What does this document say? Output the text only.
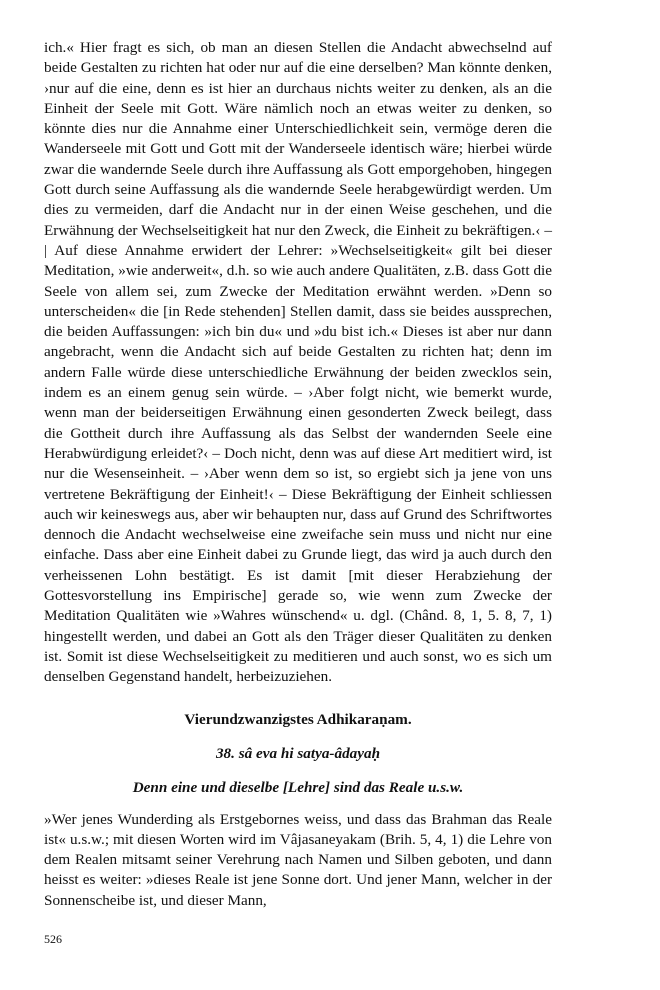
ich.« Hier fragt es sich, ob man an diesen Stellen die Andacht abwechselnd auf beide Gestalten zu richten hat oder nur auf die eine derselben? Man könnte denken, ›nur auf die eine, denn es ist hier an durchaus nichts weiter zu denken, als an die Einheit der Seele mit Gott. Wäre nämlich noch an etwas weiter zu denken, so könnte dies nur die Annahme einer Unterschiedlichkeit sein, vermöge deren die Wanderseele mit Gott und Gott mit der Wanderseele identisch wäre; hierbei würde zwar die wandernde Seele durch ihre Auffassung als Gott emporgehoben, hingegen Gott durch seine Auffassung als die wandernde Seele herabgewürdigt werden. Um dies zu vermeiden, darf die Andacht nur in der einen Weise geschehen, und die Erwähnung der Wechselseitigkeit hat nur den Zweck, die Einheit zu bekräftigen.‹ – | Auf diese Annahme erwidert der Lehrer: »Wechselseitigkeit« gilt bei dieser Meditation, »wie anderweit«, d.h. so wie auch andere Qualitäten, z.B. dass Gott die Seele von allem sei, zum Zwecke der Meditation erwähnt werden. »Denn so unterscheiden« die [in Rede stehenden] Stellen damit, dass sie beides aussprechen, die beiden Auffassungen: »ich bin du« und »du bist ich.« Dieses ist aber nur dann angebracht, wenn die Andacht sich auf beide Gestalten zu richten hat; denn im andern Falle würde diese unterschiedliche Erwähnung der beiden zwecklos sein, indem es an einem genug sein würde. – ›Aber folgt nicht, wie bemerkt wurde, wenn man der beiderseitigen Erwähnung einen gesonderten Zweck beilegt, dass die Gottheit durch ihre Auffassung als das Selbst der wandernden Seele eine Herabwürdigung erleidet?‹ – Doch nicht, denn was auf diese Art meditiert wird, ist nur die Wesenseinheit. – ›Aber wenn dem so ist, so ergiebt sich ja jene von uns vertretene Bekräftigung der Einheit!‹ – Diese Bekräftigung der Einheit schliessen auch wir keineswegs aus, aber wir behaupten nur, dass auf Grund des Schriftwortes dennoch die Andacht wechselweise eine zweifache sein muss und nicht nur eine einfache. Dass aber eine Einheit dabei zu Grunde liegt, das wird ja auch durch den verheissenen Lohn bestätigt. Es ist damit [mit dieser Herabziehung der Gottesvorstellung ins Empirische] gerade so, wie wenn zum Zwecke der Meditation Qualitäten wie »Wahres wünschend« u. dgl. (Chând. 8, 1, 5. 8, 7, 1) hingestellt werden, und dabei an Gott als den Träger dieser Qualitäten zu denken ist. Somit ist diese Wechselseitigkeit zu meditieren und auch sonst, wo es sich um denselben Gegenstand handelt, herbeizuziehen.

Vierundzwanzigstes Adhikaraṇam.

38. sâ eva hi satya-âdayaḥ

Denn eine und dieselbe [Lehre] sind das Reale u.s.w.

»Wer jenes Wunderding als Erstgebornes weiss, und dass das Brahman das Reale ist« u.s.w.; mit diesen Worten wird im Vâjasaneyakam (Brih. 5, 4, 1) die Lehre von dem Realen mitsamt seiner Verehrung nach Namen und Silben geboten, und dann heisst es weiter: »dieses Reale ist jene Sonne dort. Und jener Mann, welcher in der Sonnenscheibe ist, und dieser Mann,

526
